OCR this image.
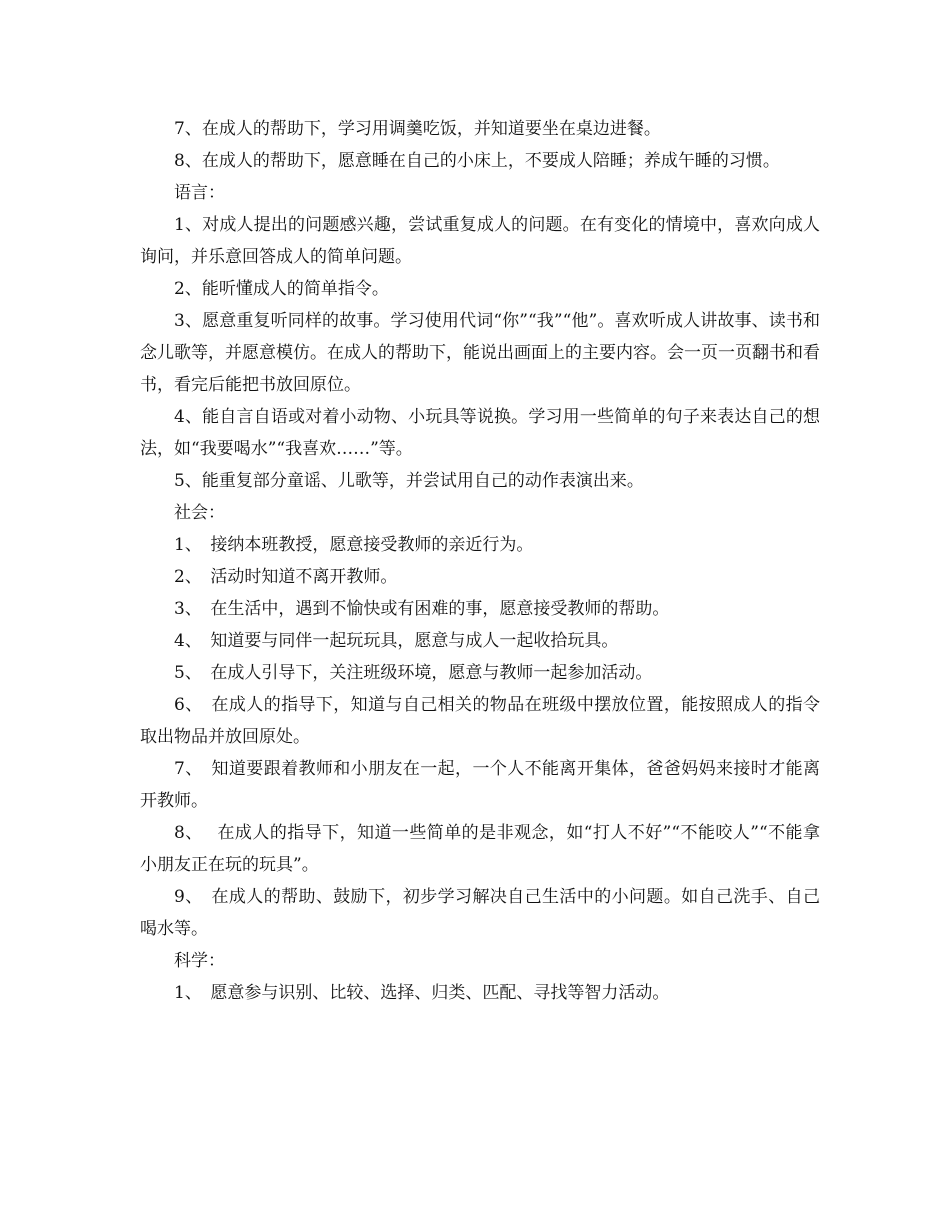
7、在成人的帮助下，学习用调羹吃饭，并知道要坐在桌边进餐。

8、在成人的帮助下，愿意睡在自己的小床上，不要成人陪睡；养成午睡的习惯。

语言：

1、对成人提出的问题感兴趣，尝试重复成人的问题。在有变化的情境中，喜欢向成人询问，并乐意回答成人的简单问题。

2、能听懂成人的简单指令。

3、愿意重复听同样的故事。学习使用代词“你”“我”“他”。喜欢听成人讲故事、读书和念儿歌等，并愿意模仿。在成人的帮助下，能说出画面上的主要内容。会一页一页翻书和看书，看完后能把书放回原位。

4、能自言自语或对着小动物、小玩具等说换。学习用一些简单的句子来表达自己的想法，如“我要喝水”“我喜欢……”等。

5、能重复部分童谣、儿歌等，并尝试用自己的动作表演出来。

社会：

1、　接纳本班教授，愿意接受教师的亲近行为。

2、　活动时知道不离开教师。

3、　在生活中，遇到不愉快或有困难的事，愿意接受教师的帮助。

4、　知道要与同伴一起玩玩具，愿意与成人一起收拾玩具。

5、　在成人引导下，关注班级环境，愿意与教师一起参加活动。

6、　在成人的指导下，知道与自己相关的物品在班级中摆放位置，能按照成人的指令取出物品并放回原处。

7、　知道要跟着教师和小朋友在一起，一个人不能离开集体，爸爸妈妈来接时才能离开教师。

8、　 在成人的指导下，知道一些简单的是非观念，如“打人不好”“不能咬人”“不能拿小朋友正在玩的玩具”。

9、　在成人的帮助、鼓励下，初步学习解决自己生活中的小问题。如自己洗手、自己喝水等。

科学：

1、　愿意参与识别、比较、选择、归类、匹配、寻找等智力活动。
